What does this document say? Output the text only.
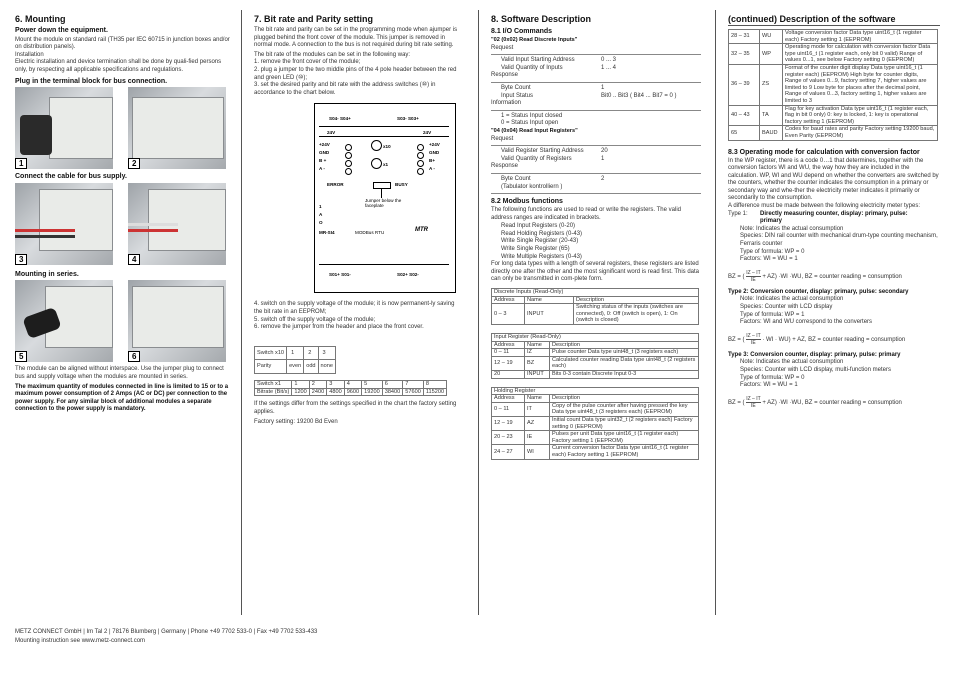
6. Mounting

Power down the equipment.

Mount the module on standard rail (TH35 per IEC 60715 in junction boxes and/or on distribution panels).

Installation

Electric installation and device termination shall be done by quali-fied persons only, by respecting all applicable specifications and regulations.

Plug in the terminal block for bus connection.

1	2

Connect the cable for bus supply.

3	4

Mounting in series.

5	6

The module can be aligned without interspace. Use the jumper plug to connect bus and supply voltage when the modules are mounted in series.

The maximum quantity of modules connected in line is limited to 15 or to a maximum power consumption of 2 Amps (AC or DC) per connection to the power supply. For any similar block of additional modules a separate connection to the power supply is mandatory.

7. Bit rate and Parity setting

The bit rate and parity can be set in the programming mode when ajumper is plugged behind the front cover of the module. This jumper is removed in normal mode. A connection to the bus is not required during bit rate setting.

The bit rate of the modules can be set in the following way:

1. remove the front cover of the module;

2. plug a jumper to the two middle pins of the 4 pole header between the red and green LED (⑩);

3. set the desired parity and bit rate with the address switches (⑩) in accordance to the chart below.

S04- S04+	S03- S03+
24V	24V
+24V
GND
B +
A -
+24V
GND
B+
A -
x10
x1
ERROR	BUSY
Jumper below the faceplate
1
A
O
MR-SI4	MODBus RTU	MTR
S01+ S01-	S02+ S02-

4. switch on the supply voltage of the module; it is now permanent-ly saving the bit rate in an EEPROM;

5. switch off the supply voltage of the module;

6. remove the jumper from the header and place the front cover.

Switch x10	1	2	3
Parity	even	odd	none
Switch x1	1	2	3	4	5	6	7	8
Bitrate (Bit/s)	1200	2400	4800	9600	19200	38400	57600	115200

If the settings differ from the settings specified in the chart the factory setting applies.

Factory setting: 19200 Bd Even

8. Software Description
8.1 I/O Commands

"02 (0x02) Read Discrete Inputs"

Request

Valid Input Starting Address	0 ... 3
Valid Quantity of Inputs	1 ... 4

Response

Byte Count	1
Input Status	Bit0 .. Bit3 ( Bit4 ... Bit7 = 0 )

Information

1 = Status Input closed

0 = Status Input open

"04 (0x04) Read Input Registers"

Request

Valid Register Starting Address	20
Valid Quantity of Registers	1

Response

Byte Count	2
(Tabulator kontrolliern )
8.2 Modbus functions

The following functions are used to read or write the registers. The valid address ranges are indicated in brackets.

Read Input Registers (0-20)

Read Holding Registers (0-43)

Write Single Register (20-43)

Write Single Register (65)

Write Multiple Registers (0-43)

For long data types with a length of several registers, these registers are listed directly one after the other and the most significant word is read first. This data can only be transmitted in com-plete form.

Discrete Inputs (Read-Only)		
Address	Name	Description
0 – 3	INPUT	Switching status of the inputs (switches are connected), 0: Off (switch is open), 1: On (switch is closed)
Input Register (Read-Only)		
Address	Name	Description
0 – 11	IZ	Pulse counter Data type uint48_t (3 registers each)
12 – 19	BZ	Calculated counter reading Data type uint48_t (2 registers each)
20	INPUT	Bits 0-3 contain Discrete Input 0-3
Holding Register		
Address	Name	Description
0 – 11	IT	Copy of the pulse counter after having pressed the key Data type uint48_t (3 registers each) (EEPROM)
12 – 19	AZ	Initial count Data type uint32_t (2 registers each) Factory setting 0 (EEPROM)
20 – 23	IE	Pulses per unit Data type uint16_t (1 register each) Factory setting 1 (EEPROM)
24 – 27	WI	Current conversion factor Data type uint16_t (1 register each) Factory setting 1 (EEPROM)
(continued) Description of the software
28 – 31	WU	Voltage conversion factor Data type uint16_t (1 register each) Factory setting 1 (EEPROM)
32 – 35	WP	Operating mode for calculation with conversion factor Data type uint16_t (1 register each, only bit 0 valid) Range of values 0...1, see below Factory setting 0 (EEPROM)
36 – 39	ZS	Format of the counter digit display Data type uint16_t (1 register each) (EEPROM) High byte for counter digits, Range of values 0...9, factory setting 7, higher values are limited to 9 Low byte for places after the decimal point, Range of values 0...3, factory setting 1, higher values are limited to 3
40 – 43	TA	Flag for key activation Data type uint16_t (1 register each, flag in bit 0 only) 0: key is locked, 1: key is operational factory setting 1 (EEPROM)
65	BAUD	Codes for baud rates and parity Factory setting 19200 baud, Even Parity (EEPROM)
8.3 Operating mode for calculation with conversion factor

In the WP register, there is a code 0…1 that determines, together with the conversion factors WI and WU, the way how they are included in the calculation. WP, WI and WU depend on whether the converters are switched by the counters, whether the counter indicates the consumption in a primary or secondary way and whe-ther the electricity meter indicates it primarily or secondarily to the consumption.

A difference must be made between the following electricity meter types:

Type 1:	Directly measuring counter, display: primary, pulse: primary

Note: Indicates the actual consumption

Species: DIN rail counter with mechanical drum-type counting mechanism, Ferraris counter

Type of formula: WP = 0

Factors: WI = WU = 1

BZ = ( $\frac{IZ - IT}{IE} + AZ) \cdot WI \cdot WU$, BZ = counter reading = consumption

Type 2: Conversion counter, display: primary, pulse: secondary

Note: Indicates the actual consumption

Species: Counter with LCD display

Type of formula: WP = 1

Factors: WI and WU correspond to the converters

BZ = ( $\frac{IZ - IT}{IE}$ · WI · WU) + AZ, BZ = counter reading = consumption

Type 3: Conversion counter, display: primary, pulse: primary

Note: Indicates the actual consumption

Species: Counter with LCD display, multi-function meters

Type of formula: WP = 0

Factors: WI = WU = 1

BZ = ( $\frac{IZ - IT}{IE} + AZ) \cdot WI \cdot WU$, BZ = counter reading = consumption
METZ CONNECT GmbH | Im Tal 2 | 78176 Blumberg | Germany | Phone +49 7702 533-0 | Fax +49 7702 533-433
Mounting instruction see www.metz-connect.com
